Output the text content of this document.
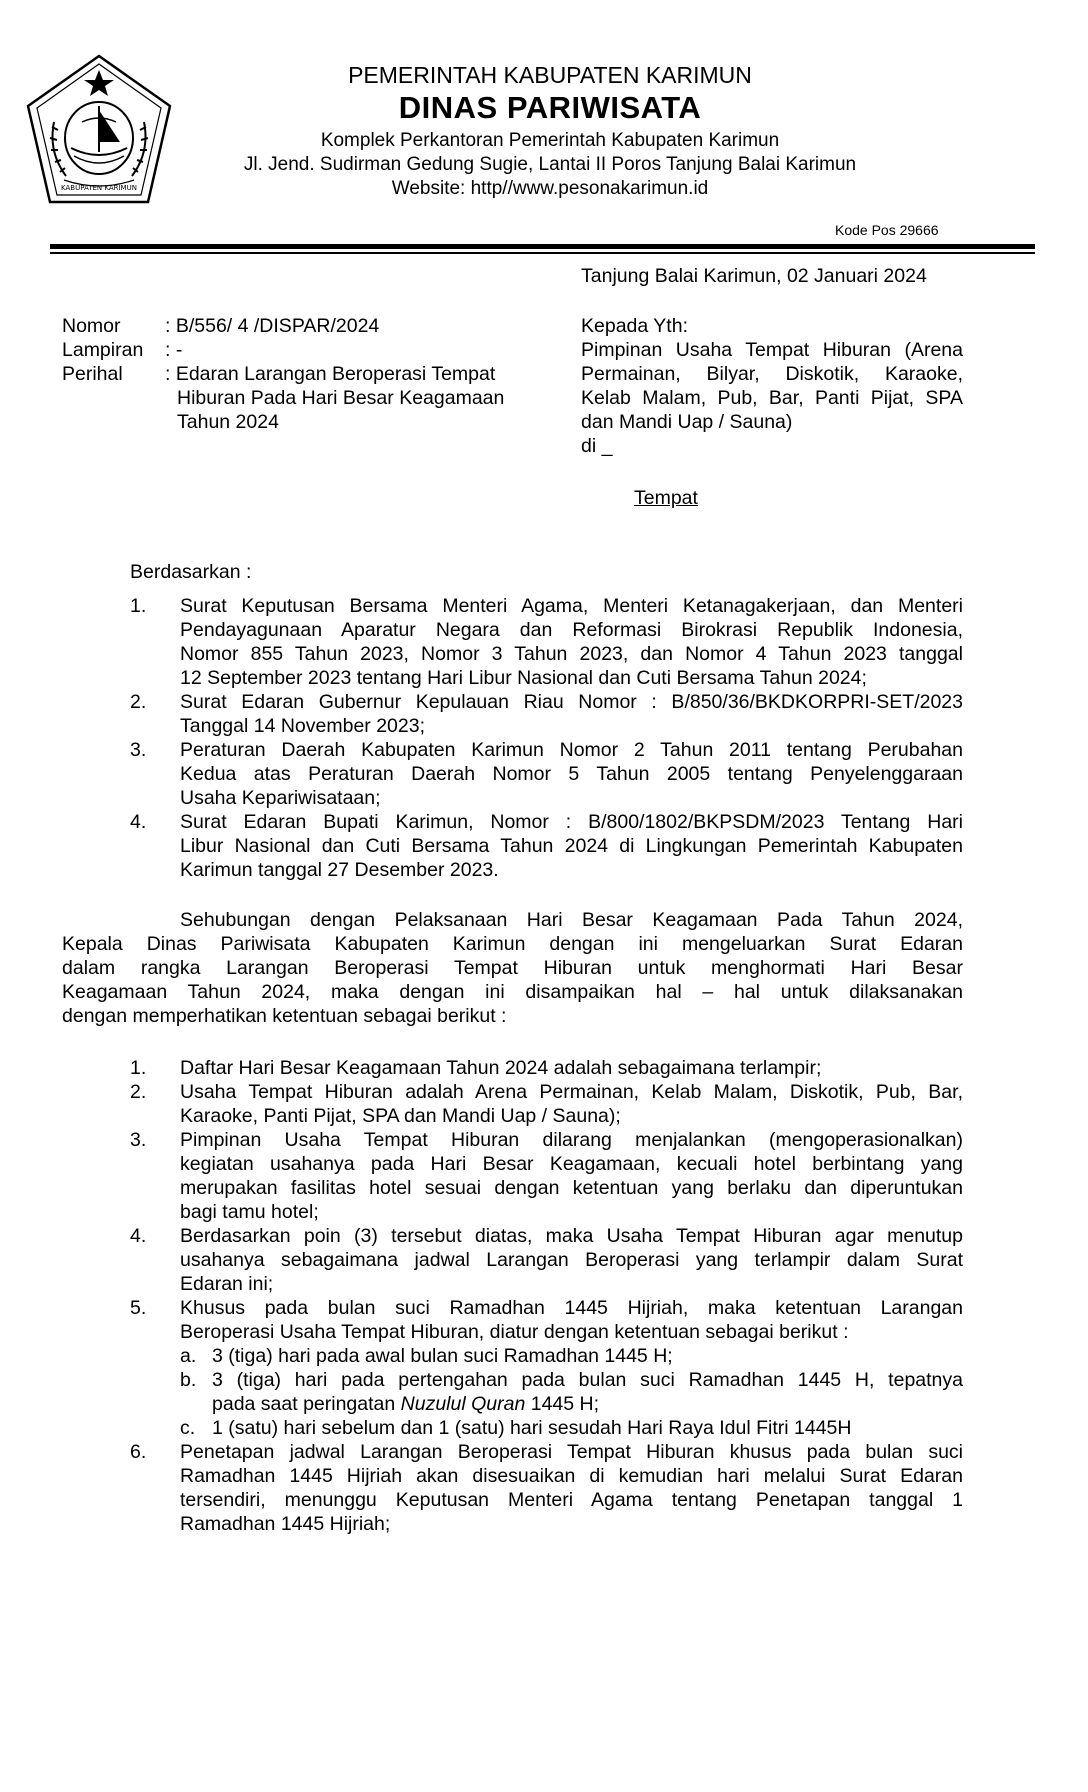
KABUPATEN KARIMUN
PEMERINTAH KABUPATEN KARIMUN
DINAS PARIWISATA
Komplek Perkantoran Pemerintah Kabupaten Karimun
Jl. Jend. Sudirman Gedung Sugie, Lantai II Poros Tanjung Balai Karimun
Website: http//www.pesonakarimun.id
Kode Pos 29666
Tanjung Balai Karimun, 02 Januari 2024
Nomor : B/556/ 4 /DISPAR/2024
Lampiran : -
Perihal : Edaran Larangan Beroperasi Tempat
Hiburan Pada Hari Besar Keagamaan
Tahun 2024
Kepada Yth:
Pimpinan Usaha Tempat Hiburan (Arena
Permainan, Bilyar, Diskotik, Karaoke,
Kelab Malam, Pub, Bar, Panti Pijat, SPA
dan Mandi Uap / Sauna)
di _
Tempat
Berdasarkan :
1. Surat Keputusan Bersama Menteri Agama, Menteri Ketanagakerjaan, dan Menteri
Pendayagunaan Aparatur Negara dan Reformasi Birokrasi Republik Indonesia,
Nomor 855 Tahun 2023, Nomor 3 Tahun 2023, dan Nomor 4 Tahun 2023 tanggal
12 September 2023 tentang Hari Libur Nasional dan Cuti Bersama Tahun 2024;
2. Surat Edaran Gubernur Kepulauan Riau Nomor : B/850/36/BKDKORPRI-SET/2023
Tanggal 14 November 2023;
3. Peraturan Daerah Kabupaten Karimun Nomor 2 Tahun 2011 tentang Perubahan
Kedua atas Peraturan Daerah Nomor 5 Tahun 2005 tentang Penyelenggaraan
Usaha Kepariwisataan;
4. Surat Edaran Bupati Karimun, Nomor : B/800/1802/BKPSDM/2023 Tentang Hari
Libur Nasional dan Cuti Bersama Tahun 2024 di Lingkungan Pemerintah Kabupaten
Karimun tanggal 27 Desember 2023.
Sehubungan dengan Pelaksanaan Hari Besar Keagamaan Pada Tahun 2024,
Kepala Dinas Pariwisata Kabupaten Karimun dengan ini mengeluarkan Surat Edaran
dalam rangka Larangan Beroperasi Tempat Hiburan untuk menghormati Hari Besar
Keagamaan Tahun 2024, maka dengan ini disampaikan hal – hal untuk dilaksanakan
dengan memperhatikan ketentuan sebagai berikut :
1. Daftar Hari Besar Keagamaan Tahun 2024 adalah sebagaimana terlampir;
2. Usaha Tempat Hiburan adalah Arena Permainan, Kelab Malam, Diskotik, Pub, Bar,
Karaoke, Panti Pijat, SPA dan Mandi Uap / Sauna);
3. Pimpinan Usaha Tempat Hiburan dilarang menjalankan (mengoperasionalkan)
kegiatan usahanya pada Hari Besar Keagamaan, kecuali hotel berbintang yang
merupakan fasilitas hotel sesuai dengan ketentuan yang berlaku dan diperuntukan
bagi tamu hotel;
4. Berdasarkan poin (3) tersebut diatas, maka Usaha Tempat Hiburan agar menutup
usahanya sebagaimana jadwal Larangan Beroperasi yang terlampir dalam Surat
Edaran ini;
5. Khusus pada bulan suci Ramadhan 1445 Hijriah, maka ketentuan Larangan
Beroperasi Usaha Tempat Hiburan, diatur dengan ketentuan sebagai berikut :
a. 3 (tiga) hari pada awal bulan suci Ramadhan 1445 H;
b. 3 (tiga) hari pada pertengahan pada bulan suci Ramadhan 1445 H, tepatnya
pada saat peringatan Nuzulul Quran 1445 H;
c. 1 (satu) hari sebelum dan 1 (satu) hari sesudah Hari Raya Idul Fitri 1445H
6. Penetapan jadwal Larangan Beroperasi Tempat Hiburan khusus pada bulan suci
Ramadhan 1445 Hijriah akan disesuaikan di kemudian hari melalui Surat Edaran
tersendiri, menunggu Keputusan Menteri Agama tentang Penetapan tanggal 1
Ramadhan 1445 Hijriah;
